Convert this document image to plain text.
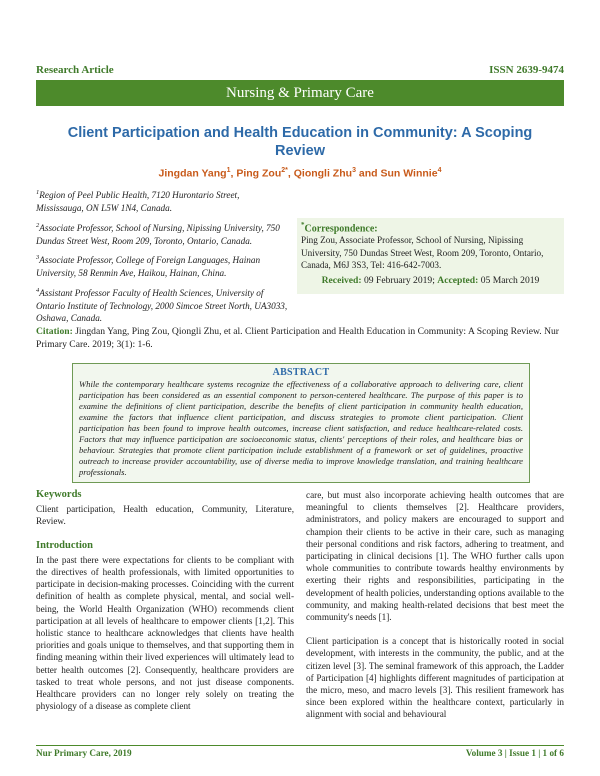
Research Article	ISSN 2639-9474
Nursing & Primary Care
Client Participation and Health Education in Community: A Scoping Review
Jingdan Yang$^1$, Ping Zou$^{2*}$, Qiongli Zhu$^3$ and Sun Winnie$^4$
$^1$Region of Peel Public Health, 7120 Hurontario Street, Mississauga, ON L5W 1N4, Canada.
$^2$Associate Professor, School of Nursing, Nipissing University, 750 Dundas Street West, Room 209, Toronto, Ontario, Canada.
$^3$Associate Professor, College of Foreign Languages, Hainan University, 58 Renmin Ave, Haikou, Hainan, China.
$^4$Assistant Professor Faculty of Health Sciences, University of Ontario Institute of Technology, 2000 Simcoe Street North, UA3033, Oshawa, Canada.
*Correspondence:
Ping Zou, Associate Professor, School of Nursing, Nipissing University, 750 Dundas Street West, Room 209, Toronto, Ontario, Canada, M6J 3S3, Tel: 416-642-7003.
Received: 09 February 2019; Accepted: 05 March 2019
Citation: Jingdan Yang, Ping Zou, Qiongli Zhu, et al. Client Participation and Health Education in Community: A Scoping Review. Nur Primary Care. 2019; 3(1): 1-6.
ABSTRACT
While the contemporary healthcare systems recognize the effectiveness of a collaborative approach to delivering care, client participation has been considered as an essential component to person-centered healthcare. The purpose of this paper is to examine the definitions of client participation, describe the benefits of client participation in community health education, examine the factors that influence client participation, and discuss strategies to promote client participation. Client participation has been found to improve health outcomes, increase client satisfaction, and reduce healthcare-related costs. Factors that may influence participation are socioeconomic status, clients' perceptions of their roles, and healthcare bias or behaviour. Strategies that promote client participation include establishment of a framework or set of guidelines, proactive outreach to increase provider accountability, use of diverse media to improve knowledge translation, and training healthcare professionals.
Keywords
Client participation, Health education, Community, Literature, Review.
Introduction
In the past there were expectations for clients to be compliant with the directives of health professionals, with limited opportunities to participate in decision-making processes. Coinciding with the current definition of health as complete physical, mental, and social well-being, the World Health Organization (WHO) recommends client participation at all levels of healthcare to empower clients [1,2]. This holistic stance to healthcare acknowledges that clients have health priorities and goals unique to themselves, and that supporting them in finding meaning within their lived experiences will ultimately lead to better health outcomes [2]. Consequently, healthcare providers are tasked to treat whole persons, and not just disease components. Healthcare providers can no longer rely solely on treating the physiology of a disease as complete client
care, but must also incorporate achieving health outcomes that are meaningful to clients themselves [2]. Healthcare providers, administrators, and policy makers are encouraged to support and champion their clients to be active in their care, such as managing their personal conditions and risk factors, adhering to treatment, and participating in clinical decisions [1]. The WHO further calls upon whole communities to contribute towards healthy environments by exerting their rights and responsibilities, participating in the development of health policies, understanding options available to the community, and making health-related decisions that best meet the community's needs [1].
Client participation is a concept that is historically rooted in social development, with interests in the community, the public, and at the citizen level [3]. The seminal framework of this approach, the Ladder of Participation [4] highlights different magnitudes of participation at the micro, meso, and macro levels [3]. This resilient framework has since been explored within the healthcare context, particularly in alignment with social and behavioural
Nur Primary Care, 2019	Volume 3 | Issue 1 | 1 of 6
